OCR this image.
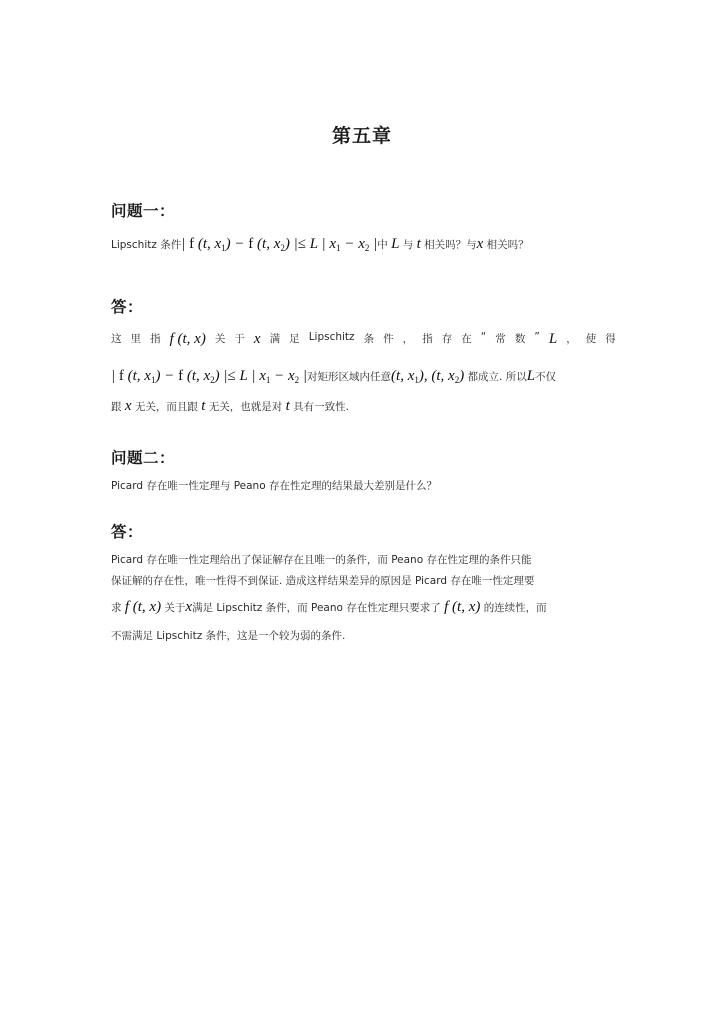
第五章
问题一：
Lipschitz 条件| f (t, $x_1) - f$ (t, $x_2$) |≤ L | $x_1 - x_2$ |中 L 与 t 相关吗？与x 相关吗？
答：
这 里 指 f (t, x) 关 于 x 满 足 Lipschitz 条 件 ， 指 存 在 “ 常 数 ” L ， 使 得
| f (t, $x_1) - f$ (t, $x_2$) |≤ L | $x_1 - x_2$ |对矩形区域内任意(t, $x_1$), (t, $x_2$) 都成立. 所以L不仅
跟 x 无关，而且跟 t 无关，也就是对 t 具有一致性.
问题二：
Picard 存在唯一性定理与 Peano 存在性定理的结果最大差别是什么？
答：
Picard 存在唯一性定理给出了保证解存在且唯一的条件，而 Peano 存在性定理的条件只能
保证解的存在性，唯一性得不到保证. 造成这样结果差异的原因是 Picard 存在唯一性定理要
求 f (t, x) 关于x满足 Lipschitz 条件，而 Peano 存在性定理只要求了 f (t, x) 的连续性，而
不需满足 Lipschitz 条件，这是一个较为弱的条件.
